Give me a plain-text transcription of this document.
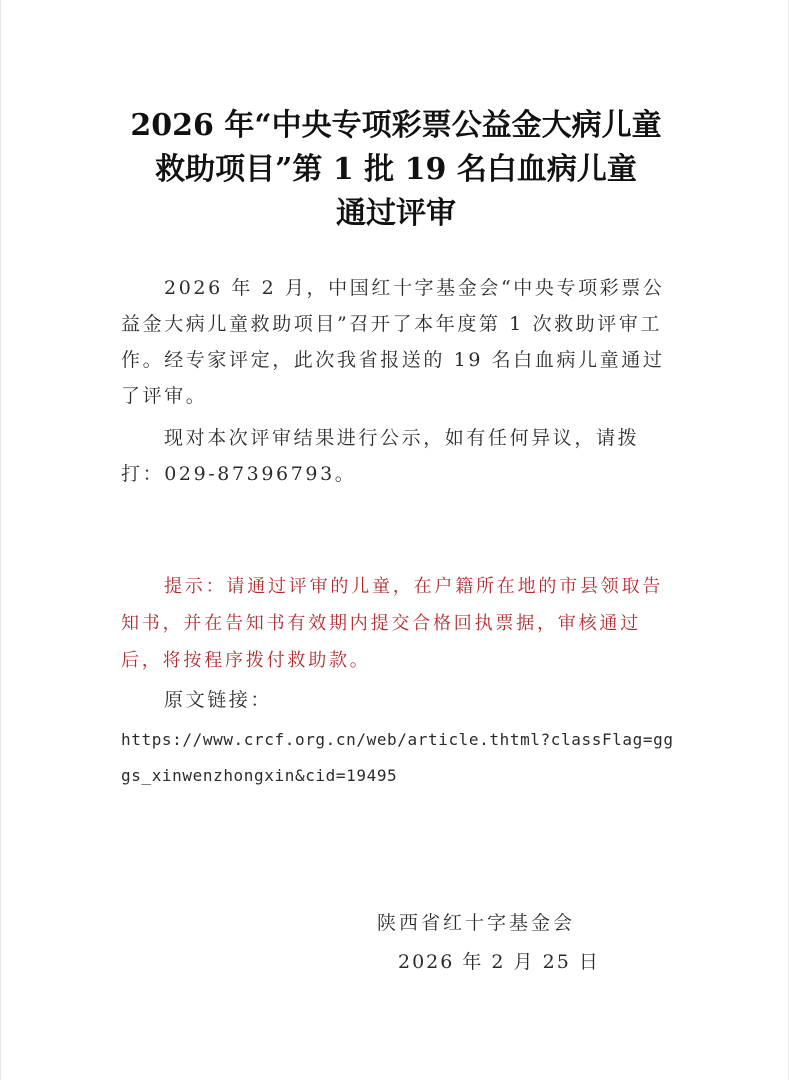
2026 年“中央专项彩票公益金大病儿童
救助项目”第 1 批 19 名白血病儿童
通过评审
2026 年 2 月，中国红十字基金会“中央专项彩票公益金大病儿童救助项目”召开了本年度第 1 次救助评审工作。经专家评定，此次我省报送的 19 名白血病儿童通过了评审。
现对本次评审结果进行公示，如有任何异议，请拨打：029-87396793。
提示：请通过评审的儿童，在户籍所在地的市县领取告知书，并在告知书有效期内提交合格回执票据，审核通过后，将按程序拨付救助款。
原文链接：
https://www.crcf.org.cn/web/article.thtml?classFlag=gggs_xinwenzhongxin&cid=19495
陕西省红十字基金会
2026 年 2 月 25 日
